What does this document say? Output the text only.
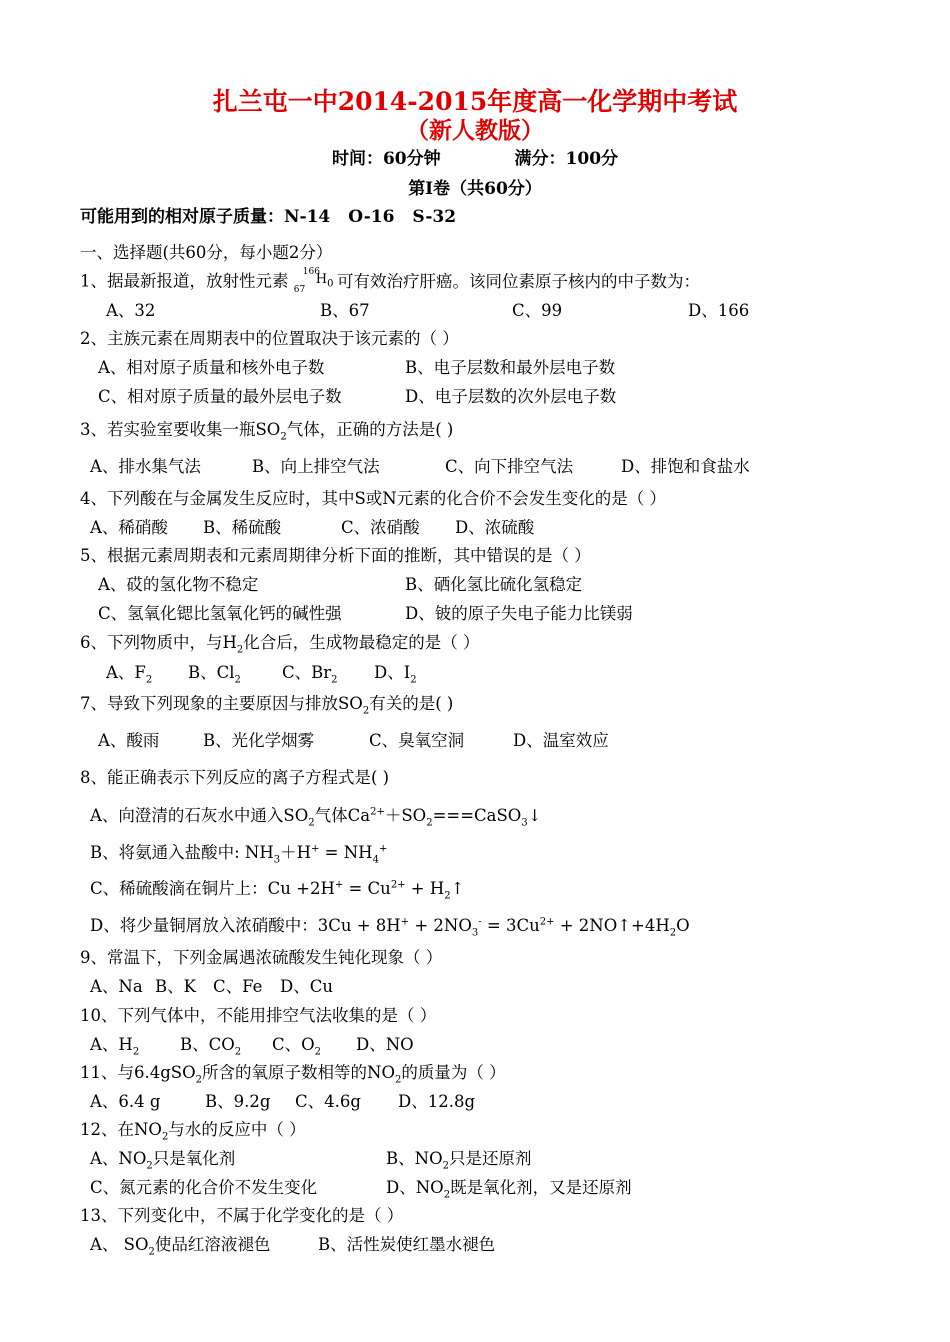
扎兰屯一中2014-2015年度高一化学期中考试
（新人教版）
时间：60分钟	满分：100分
第Ⅰ卷（共60分）
可能用到的相对原子质量：N-14 O-16 S-32
一、选择题(共60分，每小题2分）
1、据最新报道，放射性元素 67
166
$H_0$ 可有效治疗肝癌。该同位素原子核内的中子数为：
A、32	B、67	C、99	D、166
2、主族元素在周期表中的位置取决于该元素的（ ）
A、相对原子质量和核外电子数	B、电子层数和最外层电子数
C、相对原子质量的最外层电子数	D、电子层数的次外层电子数
3、若实验室要收集一瓶$SO_2$气体，正确的方法是( )
A、排水集气法	B、向上排空气法	C、向下排空气法	D、排饱和食盐水
4、下列酸在与金属发生反应时，其中S或N元素的化合价不会发生变化的是（ ）
A、稀硝酸 B、稀硫酸	C、浓硝酸 D、浓硫酸
5、根据元素周期表和元素周期律分析下面的推断，其中错误的是（ ）
A、砹的氢化物不稳定	B、硒化氢比硫化氢稳定
C、氢氧化锶比氢氧化钙的碱性强	D、铍的原子失电子能力比镁弱
6、下列物质中，与$H_2$化合后，生成物最稳定的是（ ）
A、$F_2$ B、$Cl_2$ C、$Br_2$ D、$I_2$
7、导致下列现象的主要原因与排放$SO_2$有关的是( )
A、酸雨	B、光化学烟雾	C、臭氧空洞	D、温室效应
8、能正确表示下列反应的离子方程式是( )
A、向澄清的石灰水中通入$SO_2$气体$Ca^{2+}+SO_2===CaSO_3↓$
B、将氨通入盐酸中: $NH_3+H^+ = NH_4^+$
C、稀硫酸滴在铜片上：$Cu +2H^+ = Cu^{2+}$ + $H_2↑$
D、将少量铜屑放入浓硝酸中：$3Cu + 8H^+ + 2NO_3^- = 3Cu^{2+}$ + $2NO↑+4H_2O$
9、常温下，下列金属遇浓硫酸发生钝化现象（ ）
A、Na B、K C、Fe D、Cu
10、下列气体中，不能用排空气法收集的是（ ）
A、$H_2$ B、$CO_2$ C、$O_2$ D、NO
11、与6.4gSO$_2$所含的氧原子数相等的$NO_2$的质量为（ ）
A、6.4 g	B、9.2g C、4.6g D、12.8g
12、在$NO_2$与水的反应中（ ）
A、$NO_2$只是氧化剂	B、$NO_2$只是还原剂
C、氮元素的化合价不发生变化	D、$NO_2$既是氧化剂，又是还原剂
13、下列变化中，不属于化学变化的是（ ）
A、 $SO_2$使品红溶液褪色	B、活性炭使红墨水褪色
